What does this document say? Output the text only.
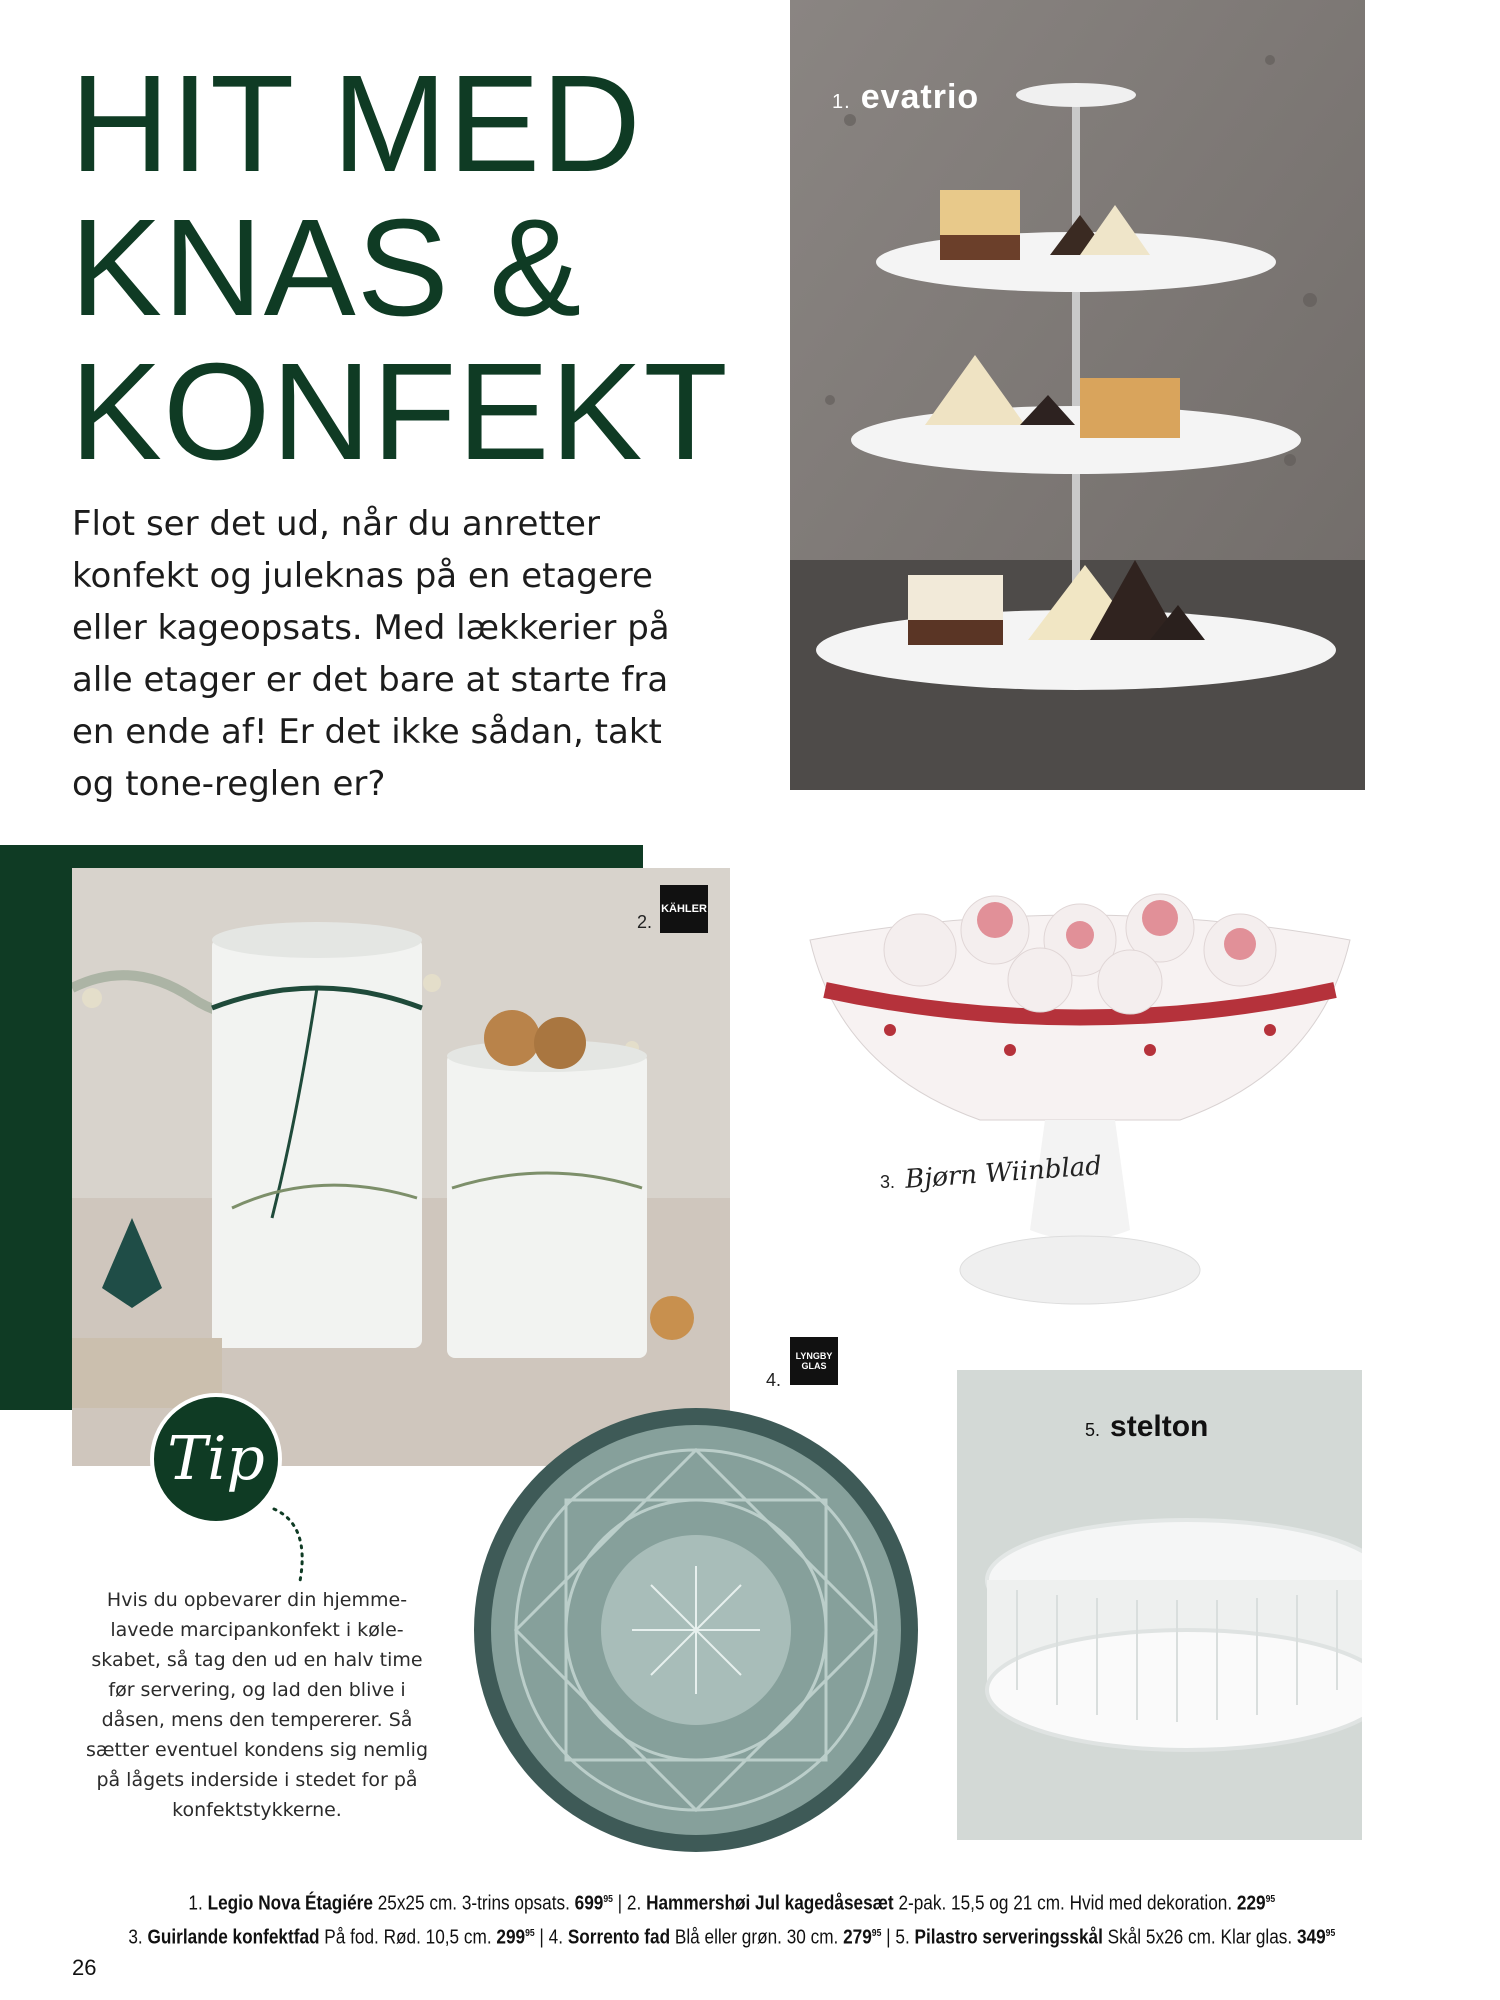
HIT MED
KNAS &
KONFEKT

Flot ser det ud, når du anretter konfekt og juleknas på en etagere eller kageopsats. Med lækkerier på alle etager er det bare at starte fra en ende af! Er det ikke sådan, takt og tone-reglen er?

1. evatrio
KÄHLER
2.
3. Bjørn Wiinblad
4.
LYNGBY GLAS
5. stelton
Tip

Hvis du opbevarer din hjemme-lavede marcipankonfekt i køle-skabet, så tag den ud en halv time før servering, og lad den blive i dåsen, mens den tempererer. Så sætter eventuel kondens sig nemlig på lågets inderside i stedet for på konfektstykkerne.

1. Legio Nova Étagiére 25x25 cm. 3-trins opsats. $699^{95}$ | 2. Hammershøi Jul kagedåsesæt 2-pak. 15,5 og 21 cm. Hvid med dekoration. $229^{95}$
3. Guirlande konfektfad På fod. Rød. 10,5 cm. $299^{95}$ | 4. Sorrento fad Blå eller grøn. 30 cm. $279^{95}$ | 5. Pilastro serveringsskål Skål 5x26 cm. Klar glas. $349^{95}$
26
